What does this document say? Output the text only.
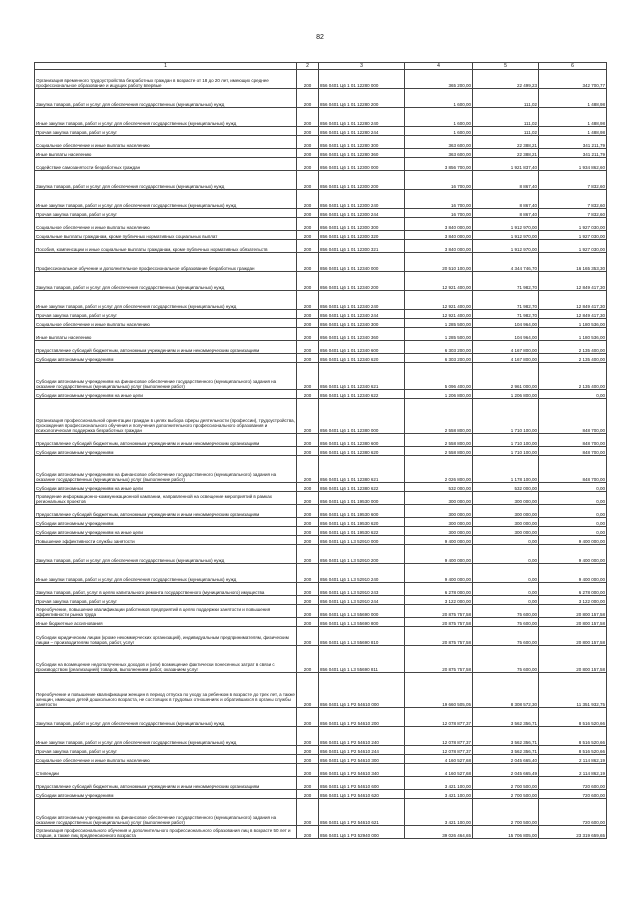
82
1	2	3	4	5	6
Организация временного трудоустройства безработных граждан в возрасте от 18 до 20 лет, имеющих среднее профессиональное образование и ищущих работу впервые	200	856 0401 Ц6 1 01 12280 000	365 200,00	22 499,23	342 700,77
Закупка товаров, работ и услуг для обеспечения государственных (муниципальных) нужд	200	856 0401 Ц6 1 01 12280 200	1 600,00	111,02	1 488,98
Иные закупки товаров, работ и услуг для обеспечения государственных (муниципальных) нужд	200	856 0401 Ц6 1 01 12280 240	1 600,00	111,02	1 488,98
Прочая закупка товаров, работ и услуг	200	856 0401 Ц6 1 01 12280 244	1 600,00	111,02	1 488,98
Социальное обеспечение и иные выплаты населению	200	856 0401 Ц6 1 01 12280 300	363 600,00	22 388,21	341 211,79
Иные выплаты населению	200	856 0401 Ц6 1 01 12280 360	363 600,00	22 388,21	341 211,79
Содействие самозанятости безработных граждан	200	856 0401 Ц6 1 01 12300 000	3 856 700,00	1 921 837,40	1 934 862,60
Закупка товаров, работ и услуг для обеспечения государственных (муниципальных) нужд	200	856 0401 Ц6 1 01 12300 200	16 700,00	8 867,40	7 832,60
Иные закупки товаров, работ и услуг для обеспечения государственных (муниципальных) нужд	200	856 0401 Ц6 1 01 12300 240	16 700,00	8 867,40	7 832,60
Прочая закупка товаров, работ и услуг	200	856 0401 Ц6 1 01 12300 244	16 700,00	8 867,40	7 832,60
Социальное обеспечение и иные выплаты населению	200	856 0401 Ц6 1 01 12300 300	3 840 000,00	1 912 970,00	1 927 030,00
Социальные выплаты гражданам, кроме публичных нормативных социальных выплат	200	856 0401 Ц6 1 01 12300 320	3 840 000,00	1 912 970,00	1 927 030,00
Пособия, компенсации и иные социальные выплаты гражданам, кроме публичных нормативных обязательств	200	856 0401 Ц6 1 01 12300 321	3 840 000,00	1 912 970,00	1 927 030,00
Профессиональное обучение и дополнительное профессиональное образование безработных граждан	200	856 0401 Ц6 1 01 12340 000	20 510 100,00	4 344 746,70	16 165 353,30
Закупка товаров, работ и услуг для обеспечения государственных (муниципальных) нужд	200	856 0401 Ц6 1 01 12340 200	12 921 400,00	71 982,70	12 849 417,30
Иные закупки товаров, работ и услуг для обеспечения государственных (муниципальных) нужд	200	856 0401 Ц6 1 01 12340 240	12 921 400,00	71 982,70	12 849 417,30
Прочая закупка товаров, работ и услуг	200	856 0401 Ц6 1 01 12340 244	12 921 400,00	71 982,70	12 849 417,30
Социальное обеспечение и иные выплаты населению	200	856 0401 Ц6 1 01 12340 300	1 285 500,00	104 964,00	1 180 536,00
Иные выплаты населению	200	856 0401 Ц6 1 01 12340 360	1 285 500,00	104 964,00	1 180 536,00
Предоставление субсидий бюджетным, автономным учреждениям и иным некоммерческим организациям	200	856 0401 Ц6 1 01 12340 600	6 303 200,00	4 167 800,00	2 135 400,00
Субсидии автономным учреждениям	200	856 0401 Ц6 1 01 12340 620	6 303 200,00	4 167 800,00	2 135 400,00
Субсидии автономным учреждениям на финансовое обеспечение государственного (муниципального) задания на оказание государственных (муниципальных) услуг (выполнение работ)	200	856 0401 Ц6 1 01 12340 621	5 096 400,00	2 961 000,00	2 135 400,00
Субсидии автономным учреждениям на иные цели	200	856 0401 Ц6 1 01 12340 622	1 206 800,00	1 206 800,00	0,00
Организация профессиональной ориентации граждан в целях выбора сферы деятельности (профессии), трудоустройства, прохождения профессионального обучения и получения дополнительного профессионального образования и психологическая поддержка безработных граждан	200	856 0401 Ц6 1 01 12380 000	2 558 800,00	1 710 100,00	848 700,00
Предоставление субсидий бюджетным, автономным учреждениям и иным некоммерческим организациям	200	856 0401 Ц6 1 01 12380 600	2 558 800,00	1 710 100,00	848 700,00
Субсидии автономным учреждениям	200	856 0401 Ц6 1 01 12380 620	2 558 800,00	1 710 100,00	848 700,00
Субсидии автономным учреждениям на финансовое обеспечение государственного (муниципального) задания на оказание государственных (муниципальных) услуг (выполнение работ)	200	856 0401 Ц6 1 01 12380 621	2 026 800,00	1 178 100,00	848 700,00
Субсидии автономным учреждениям на иные цели	200	856 0401 Ц6 1 01 12380 622	532 000,00	532 000,00	0,00
Проведение информационно-коммуникационной кампании, направленной на освещение мероприятий в рамках региональных проектов	200	856 0401 Ц6 1 01 19530 000	300 000,00	300 000,00	0,00
Предоставление субсидий бюджетным, автономным учреждениям и иным некоммерческим организациям	200	856 0401 Ц6 1 01 19530 600	300 000,00	300 000,00	0,00
Субсидии автономным учреждениям	200	856 0401 Ц6 1 01 19530 620	300 000,00	300 000,00	0,00
Субсидии автономным учреждениям на иные цели	200	856 0401 Ц6 1 01 19530 622	300 000,00	300 000,00	0,00
Повышение эффективности службы занятости	200	856 0401 Ц6 1 L3 52910 000	9 400 000,00	0,00	9 400 000,00
Закупка товаров, работ и услуг для обеспечения государственных (муниципальных) нужд	200	856 0401 Ц6 1 L3 52910 200	9 400 000,00	0,00	9 400 000,00
Иные закупки товаров, работ и услуг для обеспечения государственных (муниципальных) нужд	200	856 0401 Ц6 1 L3 52910 240	9 400 000,00	0,00	9 400 000,00
Закупка товаров, работ, услуг в целях капитального ремонта государственного (муниципального) имущества	200	856 0401 Ц6 1 L3 52910 243	6 278 000,00	0,00	6 278 000,00
Прочая закупка товаров, работ и услуг	200	856 0401 Ц6 1 L3 52910 244	3 122 000,00	0,00	3 122 000,00
Переобучение, повышение квалификации работников предприятий в целях поддержки занятости и повышения эффективности рынка труда	200	856 0401 Ц6 1 L3 55690 000	20 875 757,58	75 600,00	20 800 157,58
Иные бюджетные ассигнования	200	856 0401 Ц6 1 L3 55690 800	20 875 757,58	75 600,00	20 800 157,58
Субсидии юридическим лицам (кроме некоммерческих организаций), индивидуальным предпринимателям, физическим лицам – производителям товаров, работ, услуг	200	856 0401 Ц6 1 L3 55690 810	20 875 757,58	75 600,00	20 800 157,58
Субсидии на возмещение недополученных доходов и (или) возмещение фактически понесенных затрат в связи с производством (реализацией) товаров, выполнением работ, оказанием услуг	200	856 0401 Ц6 1 L3 55690 811	20 875 757,58	75 600,00	20 800 157,58
Переобучение и повышение квалификации женщин в период отпуска по уходу за ребенком в возрасте до трех лет, а также женщин, имеющих детей дошкольного возраста, не состоящих в трудовых отношениях и обратившихся в органы службы занятости	200	856 0401 Ц6 1 P2 54610 000	19 660 505,05	8 308 572,30	11 351 932,75
Закупка товаров, работ и услуг для обеспечения государственных (муниципальных) нужд	200	856 0401 Ц6 1 P2 54610 200	12 078 877,37	3 562 356,71	8 516 520,66
Иные закупки товаров, работ и услуг для обеспечения государственных (муниципальных) нужд	200	856 0401 Ц6 1 P2 54610 240	12 078 877,37	3 562 356,71	8 516 520,66
Прочая закупка товаров, работ и услуг	200	856 0401 Ц6 1 P2 54610 244	12 078 877,37	3 562 356,71	8 516 520,66
Социальное обеспечение и иные выплаты населению	200	856 0401 Ц6 1 P2 54610 300	4 160 527,68	2 045 665,40	2 114 862,19
Стипендии	200	856 0401 Ц6 1 P2 54610 340	4 160 527,68	2 045 665,49	2 114 862,19
Предоставление субсидий бюджетным, автономным учреждениям и иным некоммерческим организациям	200	856 0401 Ц6 1 P2 54610 600	3 421 100,00	2 700 500,00	720 600,00
Субсидии автономным учреждениям	200	856 0401 Ц6 1 P2 54610 620	3 421 100,00	2 700 500,00	720 600,00
Субсидии автономным учреждениям на финансовое обеспечение государственного (муниципального) задания на оказание государственных (муниципальных) услуг (выполнение работ)	200	856 0401 Ц6 1 P2 54610 621	3 421 100,00	2 700 500,00	720 600,00
Организация профессионального обучения и дополнительного профессионального образования лиц в возрасте 50 лет и старше, а также лиц предпенсионного возраста	200	856 0401 Ц6 1 P3 52940 000	39 026 464,65	15 706 805,00	23 319 659,65
